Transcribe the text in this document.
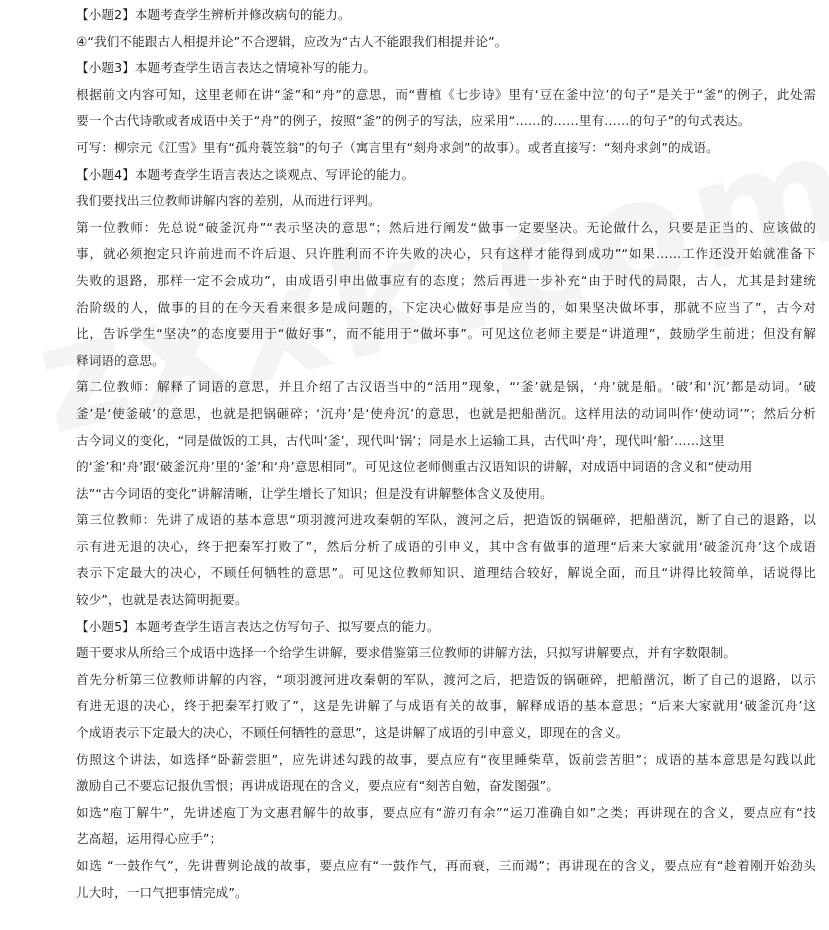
【小题2】本题考查学生辨析并修改病句的能力。

④“我们不能跟古人相提并论”不合逻辑，应改为“古人不能跟我们相提并论”。

【小题3】本题考查学生语言表达之情境补写的能力。

根据前文内容可知，这里老师在讲“釜”和“舟”的意思，而“曹植《七步诗》里有‘豆在釜中泣’的句子”是关于“釜”的例子，此处需

要一个古代诗歌或者成语中关于“舟”的例子，按照“釜”的例子的写法，应采用“……的……里有……的句子”的句式表达。

可写：柳宗元《江雪》里有“孤舟蓑笠翁”的句子（寓言里有“刻舟求剑”的故事）。或者直接写：“刻舟求剑”的成语。

【小题4】本题考查学生语言表达之谈观点、写评论的能力。

我们要找出三位教师讲解内容的差别，从而进行评判。

第一位教师：先总说“破釜沉舟”“表示坚决的意思”；然后进行阐发“做事一定要坚决。无论做什么，只要是正当的、应该做的

事，就必须抱定只许前进而不许后退、只许胜利而不许失败的决心，只有这样才能得到成功”“如果……工作还没开始就准备下

失败的退路，那样一定不会成功”，由成语引申出做事应有的态度；然后再进一步补充“由于时代的局限，古人，尤其是封建统

治阶级的人，做事的目的在今天看来很多是成问题的，下定决心做好事是应当的，如果坚决做坏事，那就不应当了”，古今对

比，告诉学生“坚决”的态度要用于“做好事”，而不能用于“做坏事”。可见这位老师主要是“讲道理”，鼓励学生前进；但没有解

释词语的意思。

第二位教师：解释了词语的意思，并且介绍了古汉语当中的“活用”现象，“‘釜’就是锅，‘舟’就是船。‘破’和‘沉’都是动词。‘破

釜’是‘使釜破’的意思，也就是把锅砸碎；‘沉舟’是‘使舟沉’的意思，也就是把船凿沉。这样用法的动词叫作‘使动词’”；然后分析

古今词义的变化，“同是做饭的工具，古代叫‘釜’，现代叫‘锅’；同是水上运输工具，古代叫‘舟’，现代叫‘船’……这里

的‘釜’和‘舟’跟‘破釜沉舟’里的‘釜’和‘舟’意思相同”。可见这位老师侧重古汉语知识的讲解，对成语中词语的含义和“使动用

法”“古今词语的变化”讲解清晰，让学生增长了知识；但是没有讲解整体含义及使用。

第三位教师：先讲了成语的基本意思“项羽渡河进攻秦朝的军队，渡河之后，把造饭的锅砸碎，把船凿沉，断了自己的退路，以

示有进无退的决心，终于把秦军打败了”，然后分析了成语的引申义，其中含有做事的道理“后来大家就用‘破釜沉舟’这个成语

表示下定最大的决心，不顾任何牺牲的意思”。可见这位教师知识、道理结合较好，解说全面，而且“讲得比较简单，话说得比

较少”，也就是表达简明扼要。

【小题5】本题考查学生语言表达之仿写句子、拟写要点的能力。

题干要求从所给三个成语中选择一个给学生讲解，要求借鉴第三位教师的讲解方法，只拟写讲解要点，并有字数限制。

首先分析第三位教师讲解的内容，“项羽渡河进攻秦朝的军队，渡河之后，把造饭的锅砸碎，把船凿沉，断了自己的退路，以示

有进无退的决心，终于把秦军打败了”，这是先讲解了与成语有关的故事，解释成语的基本意思；“后来大家就用‘破釜沉舟’这

个成语表示下定最大的决心，不顾任何牺牲的意思”，这是讲解了成语的引申意义，即现在的含义。

仿照这个讲法，如选择“卧薪尝胆”，应先讲述勾践的故事，要点应有“夜里睡柴草，饭前尝苦胆”；成语的基本意思是勾践以此

激励自己不要忘记报仇雪恨；再讲成语现在的含义，要点应有“刻苦自勉，奋发图强”。

如选“庖丁解牛”，先讲述庖丁为文惠君解牛的故事，要点应有“游刃有余”“运刀准确自如”之类；再讲现在的含义，要点应有“技

艺高超，运用得心应手”；

如选 “一鼓作气”，先讲曹刿论战的故事，要点应有“一鼓作气，再而衰，三而竭”；再讲现在的含义，要点应有“趁着刚开始劲头

儿大时，一口气把事情完成”。
